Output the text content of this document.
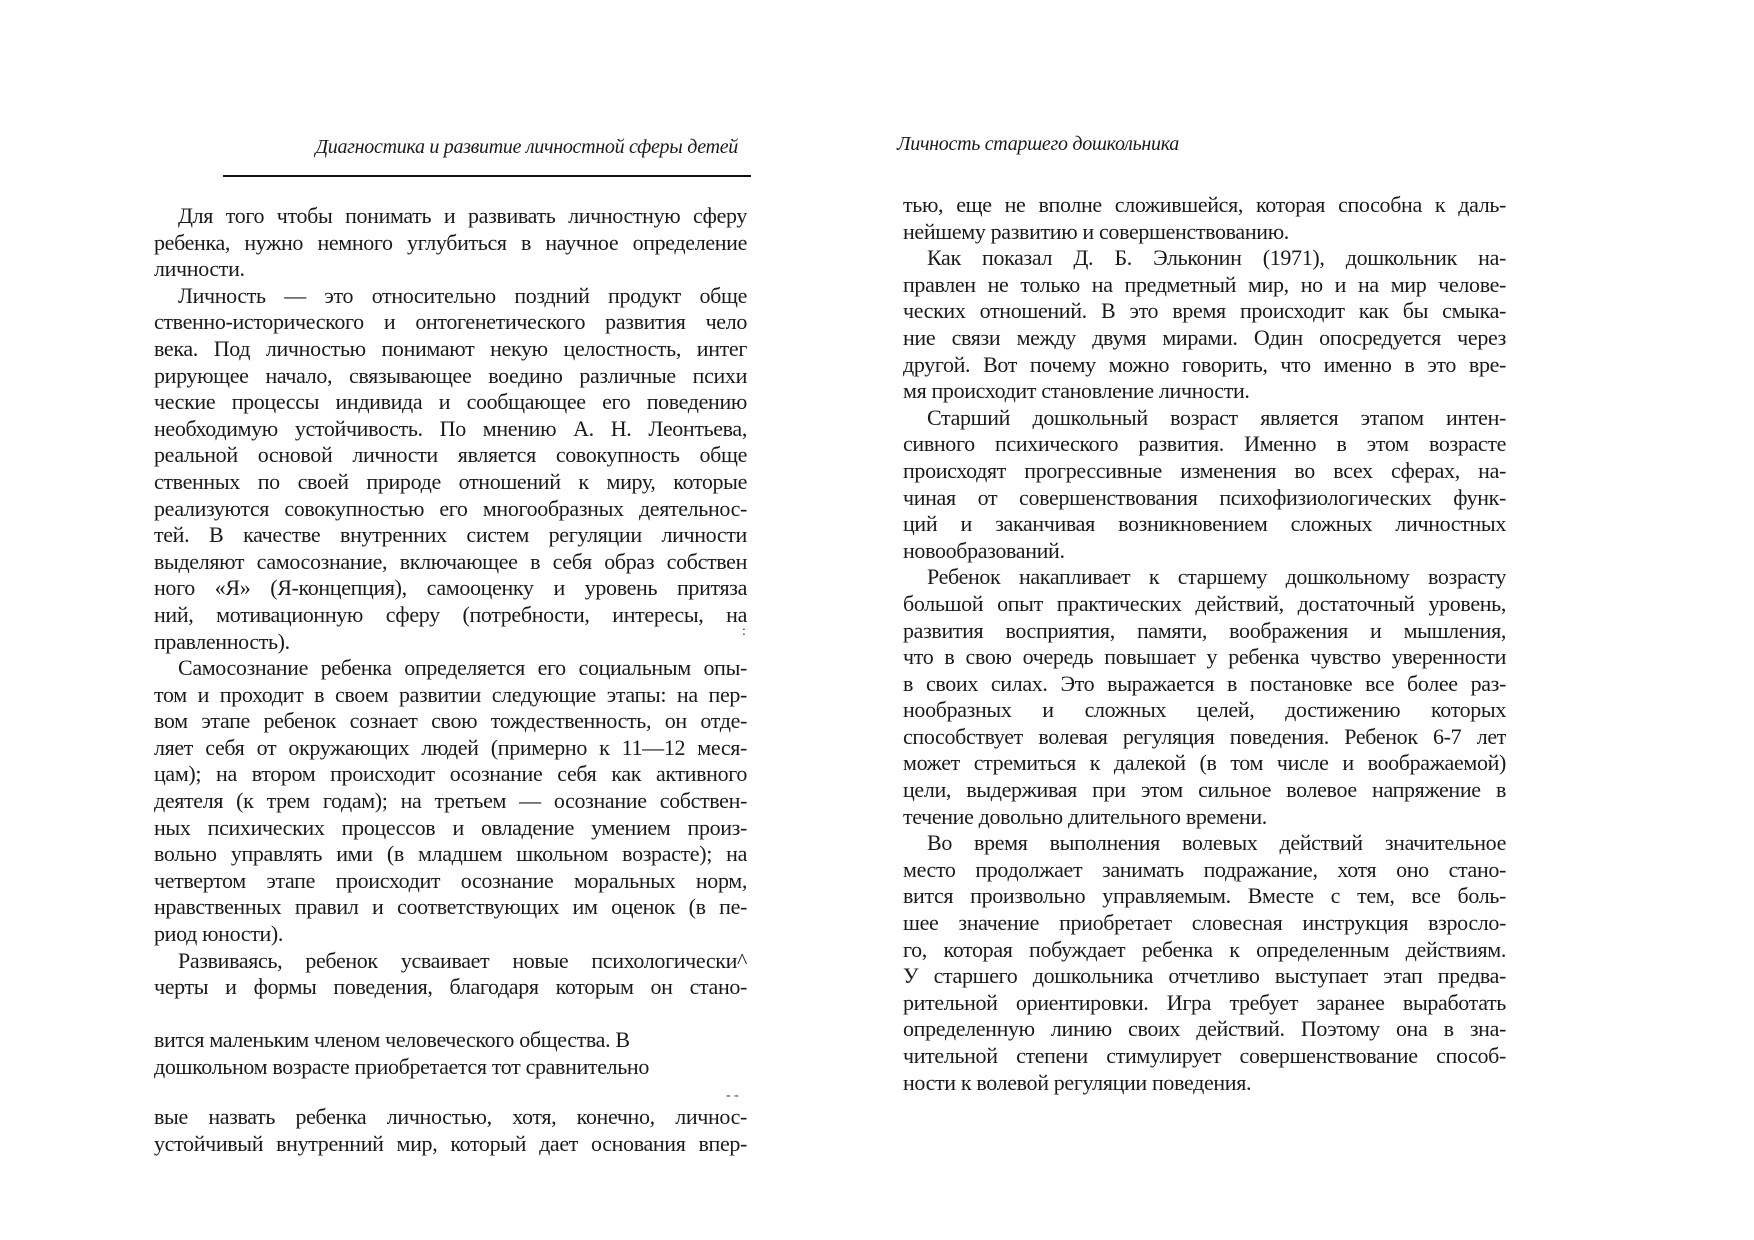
Диагностика и развитие личностной сферы детей
Для того чтобы понимать и развивать личностную сферу
ребенка, нужно немного углубиться в научное определение
личности.
Личность — это относительно поздний продукт обще
ственно-исторического и онтогенетического развития чело
века. Под личностью понимают некую целостность, интег
рирующее начало, связывающее воедино различные психи
ческие процессы индивида и сообщающее его поведению
необходимую устойчивость. По мнению А. Н. Леонтьева,
реальной основой личности является совокупность обще
ственных по своей природе отношений к миру, которые
реализуются совокупностью его многообразных деятельнос-
тей. В качестве внутренних систем регуляции личности
выделяют самосознание, включающее в себя образ собствен
ного «Я» (Я-концепция), самооценку и уровень притяза
ний, мотивационную сферу (потребности, интересы, на
правленность).
Самосознание ребенка определяется его социальным опы-
том и проходит в своем развитии следующие этапы: на пер-
вом этапе ребенок сознает свою тождественность, он отде-
ляет себя от окружающих людей (примерно к 11—12 меся-
цам); на втором происходит осознание себя как активного
деятеля (к трем годам); на третьем — осознание собствен-
ных психических процессов и овладение умением произ-
вольно управлять ими (в младшем школьном возрасте); на
четвертом этапе происходит осознание моральных норм,
нравственных правил и соответствующих им оценок (в пе-
риод юности).
Развиваясь, ребенок усваивает новые психологически^
черты и формы поведения, благодаря которым он стано-
вится маленьким членом человеческого общества. В
дошкольном возрасте приобретается тот сравнительно
вые назвать ребенка личностью, хотя, конечно, личнос-
устойчивый внутренний мир, который дает основания впер-
:
- -
Личность старшего дошкольника
тью, еще не вполне сложившейся, которая способна к даль-
нейшему развитию и совершенствованию.
Как показал Д. Б. Эльконин (1971), дошкольник на-
правлен не только на предметный мир, но и на мир челове-
ческих отношений. В это время происходит как бы смыка-
ние связи между двумя мирами. Один опосредуется через
другой. Вот почему можно говорить, что именно в это вре-
мя происходит становление личности.
Старший дошкольный возраст является этапом интен-
сивного психического развития. Именно в этом возрасте
происходят прогрессивные изменения во всех сферах, на-
чиная от совершенствования психофизиологических функ-
ций и заканчивая возникновением сложных личностных
новообразований.
Ребенок накапливает к старшему дошкольному возрасту
большой опыт практических действий, достаточный уровень,
развития восприятия, памяти, воображения и мышления,
что в свою очередь повышает у ребенка чувство уверенности
в своих силах. Это выражается в постановке все более раз-
нообразных и сложных целей, достижению которых
способствует волевая регуляция поведения. Ребенок 6-7 лет
может стремиться к далекой (в том числе и воображаемой)
цели, выдерживая при этом сильное волевое напряжение в
течение довольно длительного времени.
Во время выполнения волевых действий значительное
место продолжает занимать подражание, хотя оно стано-
вится произвольно управляемым. Вместе с тем, все боль-
шее значение приобретает словесная инструкция взросло-
го, которая побуждает ребенка к определенным действиям.
У старшего дошкольника отчетливо выступает этап предва-
рительной ориентировки. Игра требует заранее выработать
определенную линию своих действий. Поэтому она в зна-
чительной степени стимулирует совершенствование способ-
ности к волевой регуляции поведения.
